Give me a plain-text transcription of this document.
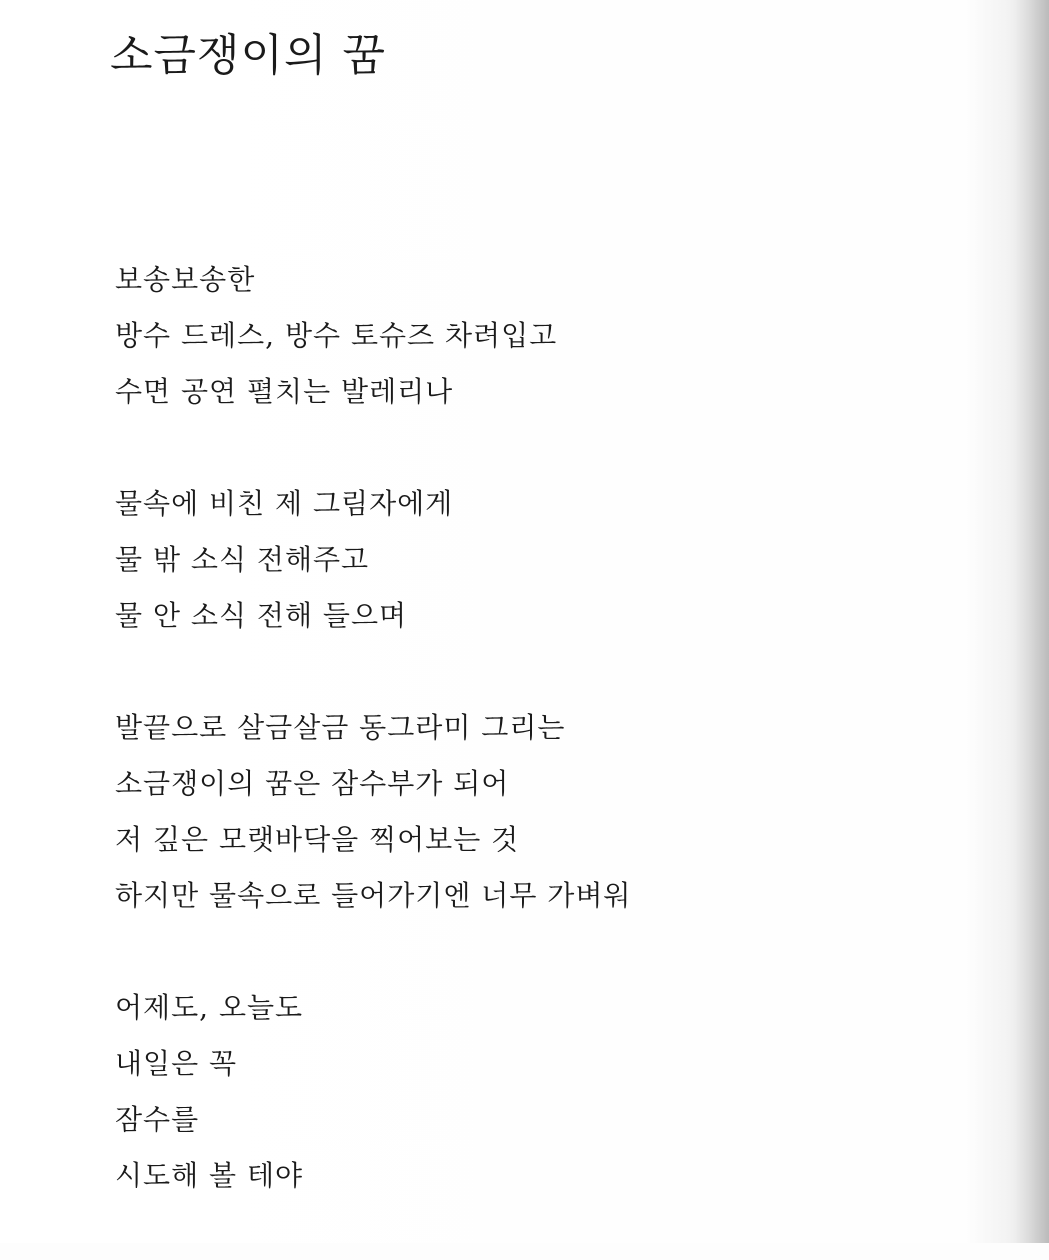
소금쟁이의 꿈
보송보송한
방수 드레스, 방수 토슈즈 차려입고
수면 공연 펼치는 발레리나
물속에 비친 제 그림자에게
물 밖 소식 전해주고
물 안 소식 전해 들으며
발끝으로 살금살금 동그라미 그리는
소금쟁이의 꿈은 잠수부가 되어
저 깊은 모랫바닥을 찍어보는 것
하지만 물속으로 들어가기엔 너무 가벼워
어제도, 오늘도
내일은 꼭
잠수를
시도해 볼 테야
